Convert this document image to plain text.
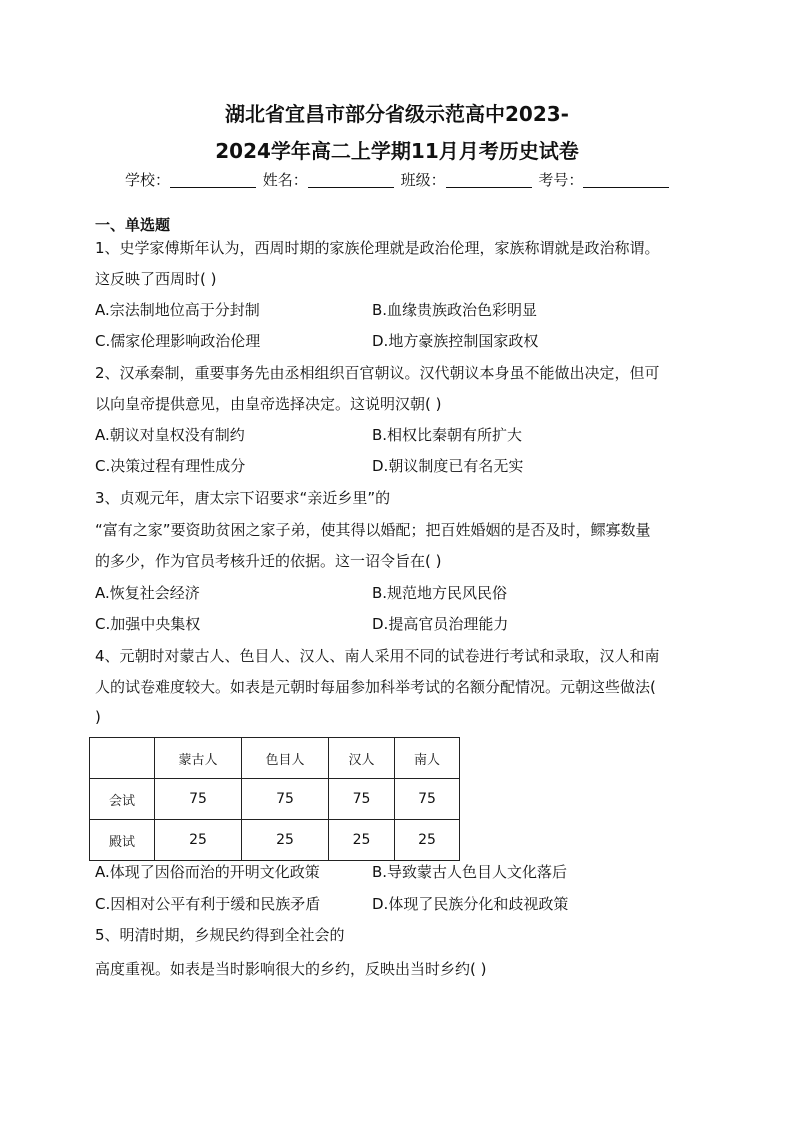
湖北省宜昌市部分省级示范高中2023-
2024学年高二上学期11月月考历史试卷
学校：	姓名：	班级：	考号：
一、单选题
1、史学家傅斯年认为，西周时期的家族伦理就是政治伦理，家族称谓就是政治称谓。
这反映了西周时( )
A.宗法制地位高于分封制	B.血缘贵族政治色彩明显
C.儒家伦理影响政治伦理	D.地方豪族控制国家政权
2、汉承秦制，重要事务先由丞相组织百官朝议。汉代朝议本身虽不能做出决定，但可
以向皇帝提供意见，由皇帝选择决定。这说明汉朝( )
A.朝议对皇权没有制约	B.相权比秦朝有所扩大
C.决策过程有理性成分	D.朝议制度已有名无实
3、贞观元年，唐太宗下诏要求“亲近乡里”的
“富有之家”要资助贫困之家子弟，使其得以婚配；把百姓婚姻的是否及时，鳏寡数量
的多少，作为官员考核升迁的依据。这一诏令旨在( )
A.恢复社会经济	B.规范地方民风民俗
C.加强中央集权	D.提高官员治理能力
4、元朝时对蒙古人、色目人、汉人、南人采用不同的试卷进行考试和录取，汉人和南
人的试卷难度较大。如表是元朝时每届参加科举考试的名额分配情况。元朝这些做法(
)
	蒙古人	色目人	汉人	南人
会试	75	75	75	75
殿试	25	25	25	25
A.体现了因俗而治的开明文化政策	B.导致蒙古人色目人文化落后
C.因相对公平有利于缓和民族矛盾	D.体现了民族分化和歧视政策
5、明清时期，乡规民约得到全社会的
高度重视。如表是当时影响很大的乡约，反映出当时乡约( )
